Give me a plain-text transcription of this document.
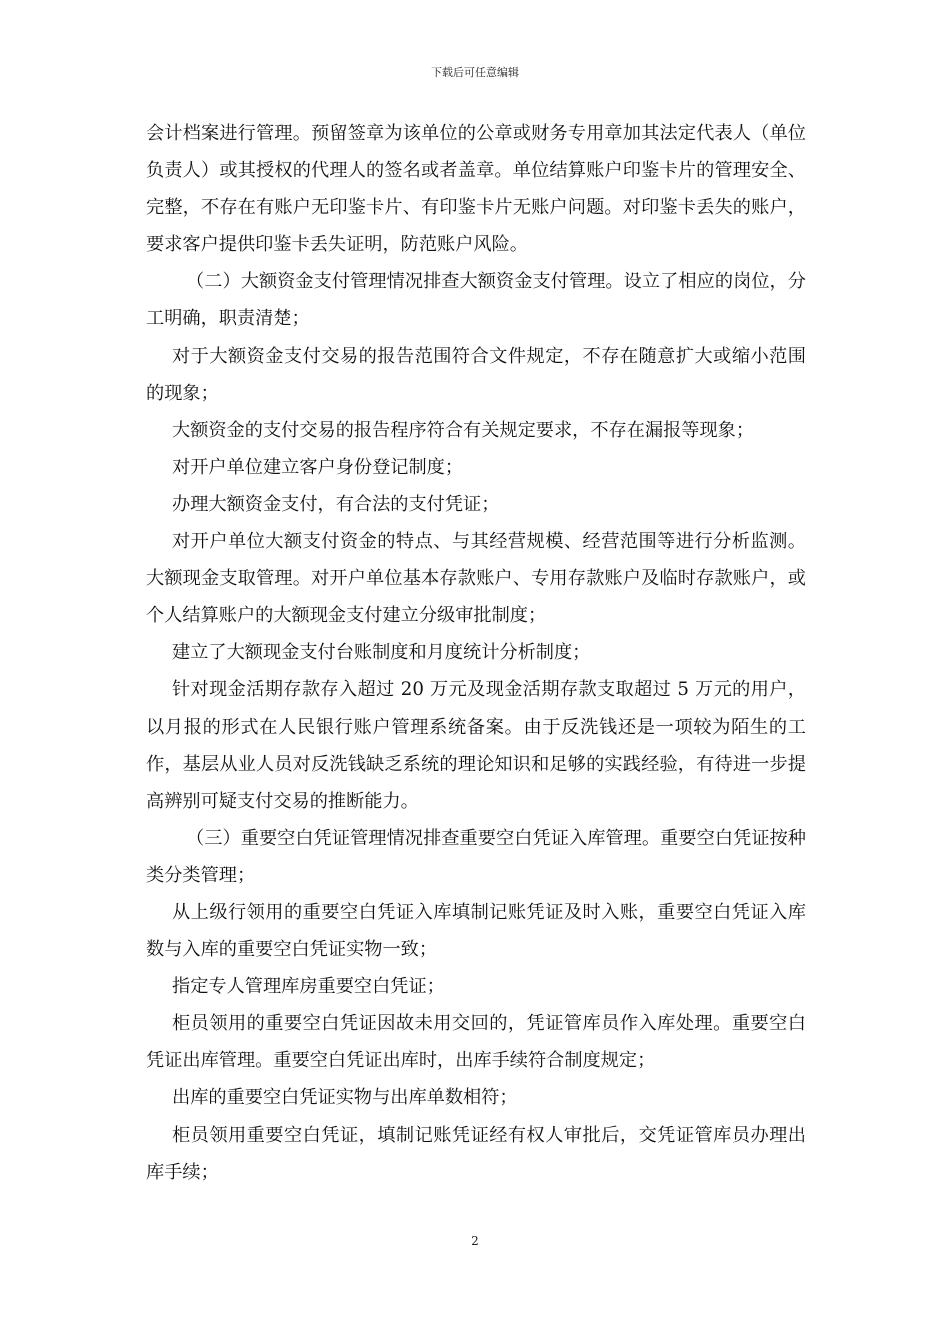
下载后可任意编辑

会计档案进行管理。预留签章为该单位的公章或财务专用章加其法定代表人（单位负责人）或其授权的代理人的签名或者盖章。单位结算账户印鉴卡片的管理安全、完整，不存在有账户无印鉴卡片、有印鉴卡片无账户问题。对印鉴卡丢失的账户，要求客户提供印鉴卡丢失证明，防范账户风险。

（二）大额资金支付管理情况排查大额资金支付管理。设立了相应的岗位，分工明确，职责清楚；

对于大额资金支付交易的报告范围符合文件规定，不存在随意扩大或缩小范围的现象；

大额资金的支付交易的报告程序符合有关规定要求，不存在漏报等现象；

对开户单位建立客户身份登记制度；

办理大额资金支付，有合法的支付凭证；

对开户单位大额支付资金的特点、与其经营规模、经营范围等进行分析监测。大额现金支取管理。对开户单位基本存款账户、专用存款账户及临时存款账户，或个人结算账户的大额现金支付建立分级审批制度；

建立了大额现金支付台账制度和月度统计分析制度；

针对现金活期存款存入超过 20 万元及现金活期存款支取超过 5 万元的用户，以月报的形式在人民银行账户管理系统备案。由于反洗钱还是一项较为陌生的工作，基层从业人员对反洗钱缺乏系统的理论知识和足够的实践经验，有待进一步提高辨别可疑支付交易的推断能力。

（三）重要空白凭证管理情况排查重要空白凭证入库管理。重要空白凭证按种类分类管理；

从上级行领用的重要空白凭证入库填制记账凭证及时入账，重要空白凭证入库数与入库的重要空白凭证实物一致；

指定专人管理库房重要空白凭证；

柜员领用的重要空白凭证因故未用交回的，凭证管库员作入库处理。重要空白凭证出库管理。重要空白凭证出库时，出库手续符合制度规定；

出库的重要空白凭证实物与出库单数相符；

柜员领用重要空白凭证，填制记账凭证经有权人审批后，交凭证管库员办理出库手续；

2
